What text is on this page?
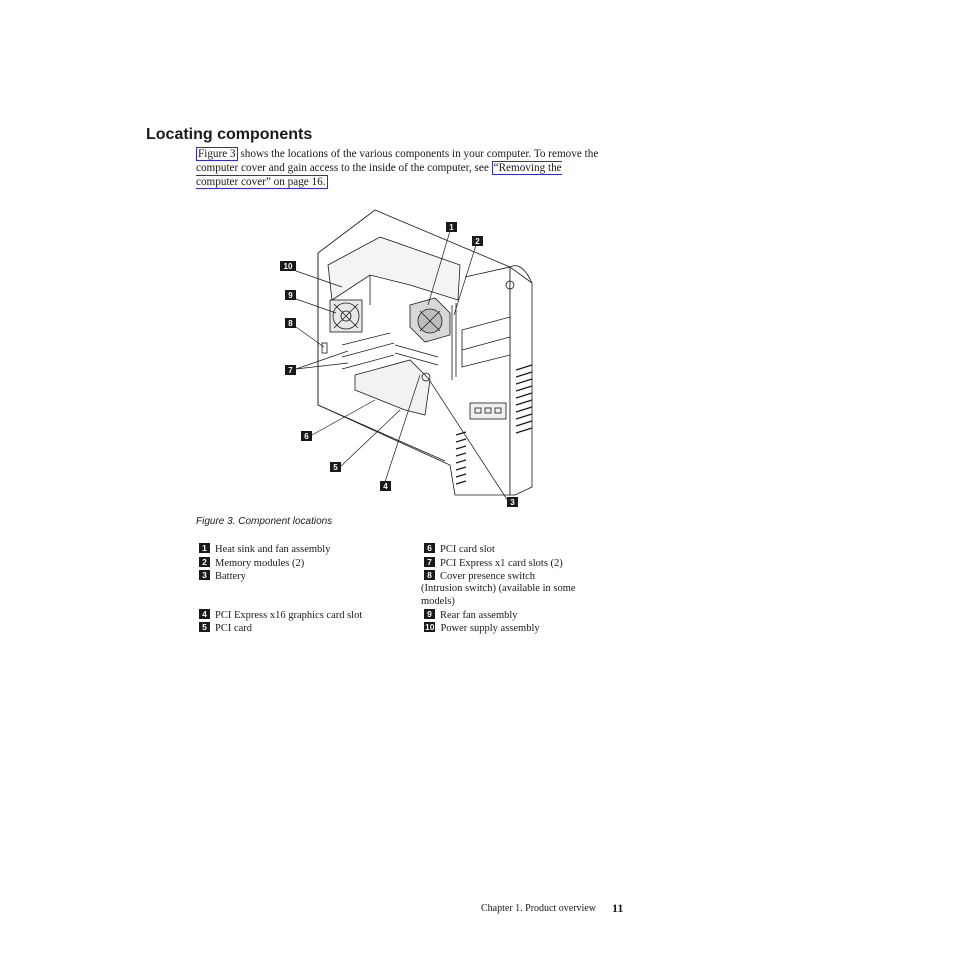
Locating components

Figure 3 shows the locations of the various components in your computer. To remove the computer cover and gain access to the inside of the computer, see “Removing the computer cover” on page 16.

1
2
3
4
5
6
7
8
9
10
Figure 3. Component locations
1 Heat sink and fan assembly
2 Memory modules (2)
3 Battery
4 PCI Express x16 graphics card slot
5 PCI card
6 PCI card slot
7 PCI Express x1 card slots (2)
8 Cover presence switch
(Intrusion switch) (available in some models)
9 Rear fan assembly
10 Power supply assembly
Chapter 1. Product overview 11
